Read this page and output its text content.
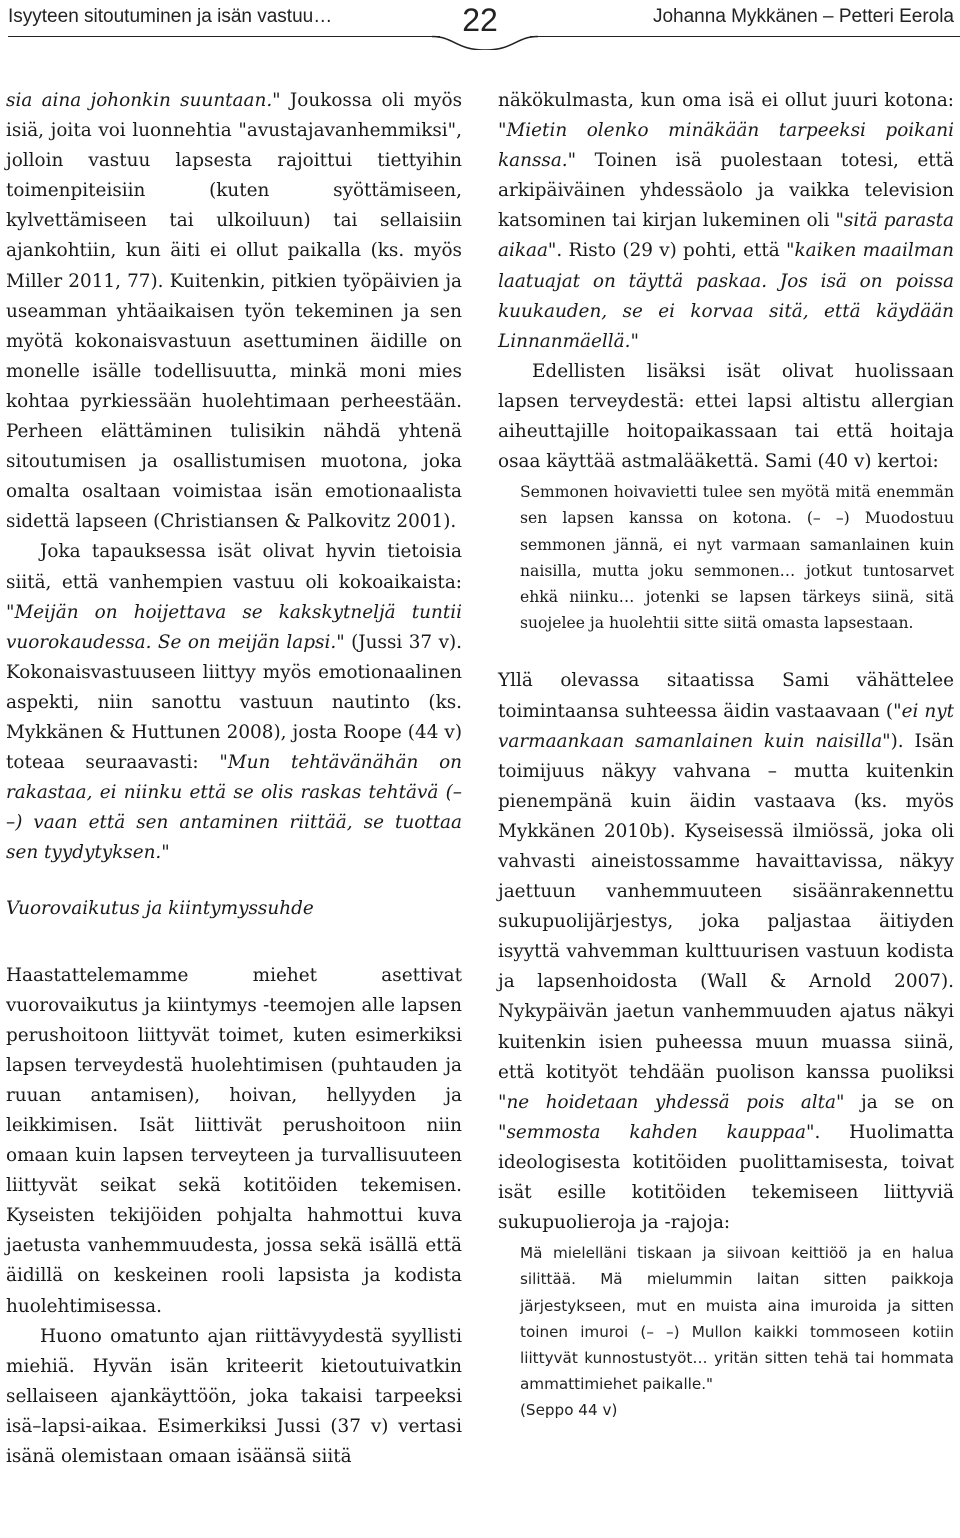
Isyyteen sitoutuminen ja isän vastuu…	22	Johanna Mykkänen – Petteri Eerola

sia aina johonkin suuntaan." Joukossa oli myös isiä, joita voi luonnehtia "avustajavanhemmiksi", jolloin vastuu lapsesta rajoittui tiettyihin toimenpiteisiin (kuten syöttämiseen, kylvettämiseen tai ulkoiluun) tai sellaisiin ajankohtiin, kun äiti ei ollut paikalla (ks. myös Miller 2011, 77). Kuitenkin, pitkien työpäivien ja useamman yhtäaikaisen työn tekeminen ja sen myötä kokonaisvastuun asettuminen äidille on monelle isälle todellisuutta, minkä moni mies kohtaa pyrkiessään huolehtimaan perheestään. Perheen elättäminen tulisikin nähdä yhtenä sitoutumisen ja osallistumisen muotona, joka omalta osaltaan voimistaa isän emotionaalista sidettä lapseen (Christiansen & Palkovitz 2001).

Joka tapauksessa isät olivat hyvin tietoisia siitä, että vanhempien vastuu oli kokoaikaista: "Meijän on hoijettava se kakskytneljä tuntii vuorokaudessa. Se on meijän lapsi." (Jussi 37 v). Kokonaisvastuuseen liittyy myös emotionaalinen aspekti, niin sanottu vastuun nautinto (ks. Mykkänen & Huttunen 2008), josta Roope (44 v) toteaa seuraavasti: "Mun tehtävänähän on rakastaa, ei niinku että se olis raskas tehtävä (– –) vaan että sen antaminen riittää, se tuottaa sen tyydytyksen."

Vuorovaikutus ja kiintymyssuhde

Haastattelemamme miehet asettivat vuorovaikutus ja kiintymys -teemojen alle lapsen perushoitoon liittyvät toimet, kuten esimerkiksi lapsen terveydestä huolehtimisen (puhtauden ja ruuan antamisen), hoivan, hellyyden ja leikkimisen. Isät liittivät perushoitoon niin omaan kuin lapsen terveyteen ja turvallisuuteen liittyvät seikat sekä kotitöiden tekemisen. Kyseisten tekijöiden pohjalta hahmottui kuva jaetusta vanhemmuudesta, jossa sekä isällä että äidillä on keskeinen rooli lapsista ja kodista huolehtimisessa.

Huono omatunto ajan riittävyydestä syyllisti miehiä. Hyvän isän kriteerit kietoutuivatkin sellaiseen ajankäyttöön, joka takaisi tarpeeksi isä–lapsi-aikaa. Esimerkiksi Jussi (37 v) vertasi isänä olemistaan omaan isäänsä siitä

näkökulmasta, kun oma isä ei ollut juuri kotona: "Mietin olenko minäkään tarpeeksi poikani kanssa." Toinen isä puolestaan totesi, että arkipäiväinen yhdessäolo ja vaikka television katsominen tai kirjan lukeminen oli "sitä parasta aikaa". Risto (29 v) pohti, että "kaiken maailman laatuajat on täyttä paskaa. Jos isä on poissa kuukauden, se ei korvaa sitä, että käydään Linnanmäellä."

Edellisten lisäksi isät olivat huolissaan lapsen terveydestä: ettei lapsi altistu allergian aiheuttajille hoitopaikassaan tai että hoitaja osaa käyttää astmalääkettä. Sami (40 v) kertoi:

Semmonen hoivavietti tulee sen myötä mitä enemmän sen lapsen kanssa on kotona. (– –) Muodostuu semmonen jännä, ei nyt varmaan samanlainen kuin naisilla, mutta joku semmonen… jotkut tuntosarvet ehkä niinku… jotenki se lapsen tärkeys siinä, sitä suojelee ja huolehtii sitte siitä omasta lapsestaan.

Yllä olevassa sitaatissa Sami vähättelee toimintaansa suhteessa äidin vastaavaan ("ei nyt varmaankaan samanlainen kuin naisilla"). Isän toimijuus näkyy vahvana – mutta kuitenkin pienempänä kuin äidin vastaava (ks. myös Mykkänen 2010b). Kyseisessä ilmiössä, joka oli vahvasti aineistossamme havaittavissa, näkyy jaettuun vanhemmuuteen sisäänrakennettu sukupuolijärjestys, joka paljastaa äitiyden isyyttä vahvemman kulttuurisen vastuun kodista ja lapsenhoidosta (Wall & Arnold 2007). Nykypäivän jaetun vanhemmuuden ajatus näkyi kuitenkin isien puheessa muun muassa siinä, että kotityöt tehdään puolison kanssa puoliksi "ne hoidetaan yhdessä pois alta" ja se on "semmosta kahden kauppaa". Huolimatta ideologisesta kotitöiden puolittamisesta, toivat isät esille kotitöiden tekemiseen liittyviä sukupuolieroja ja -rajoja:

Mä mielelläni tiskaan ja siivoan keittiöö ja en halua silittää. Mä mielummin laitan sitten paikkoja järjestykseen, mut en muista aina imuroida ja sitten toinen imuroi (– –) Mullon kaikki tommoseen kotiin liittyvät kunnostustyöt… yritän sitten tehä tai hommata ammattimiehet paikalle."
(Seppo 44 v)
